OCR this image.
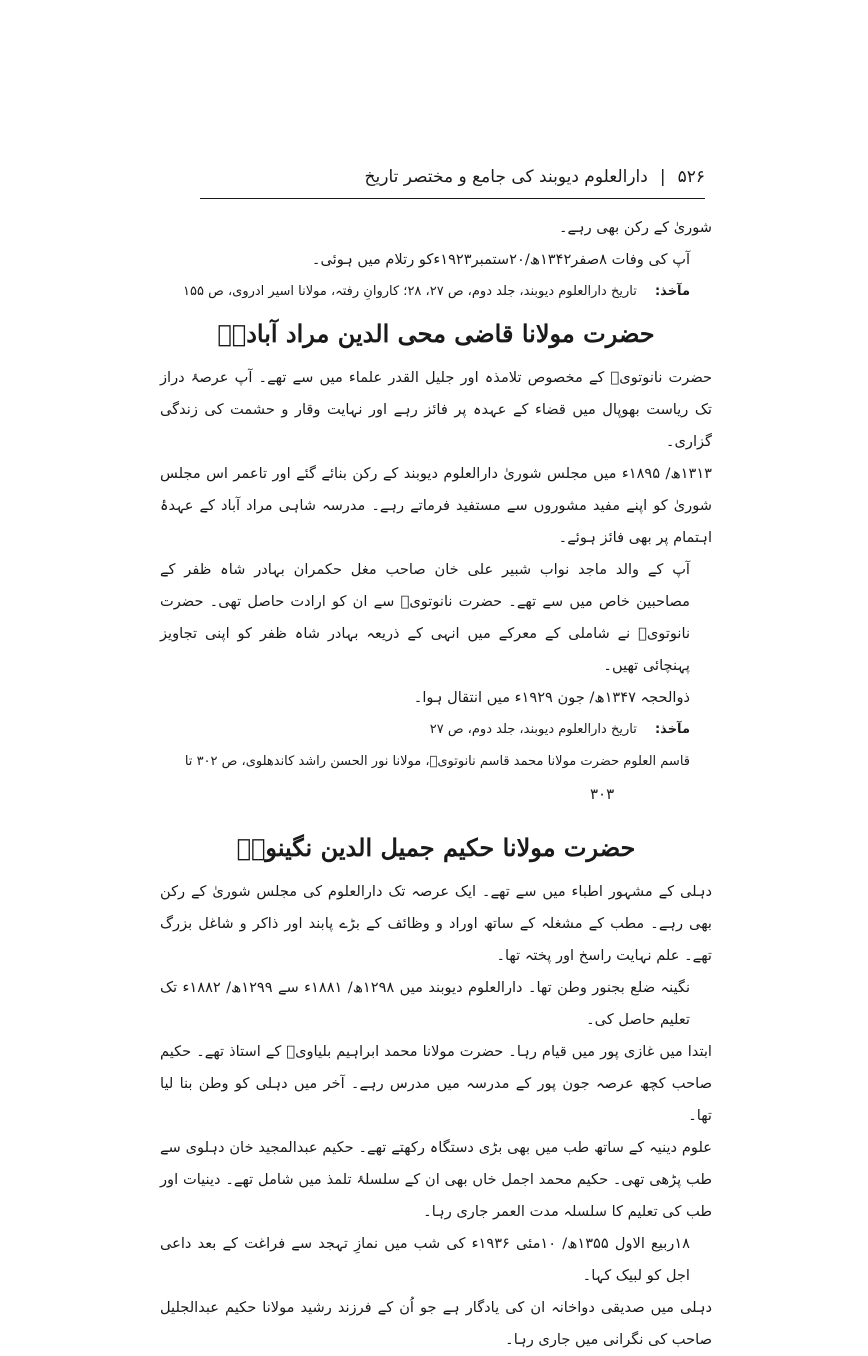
۵۲۶
|
دارالعلوم دیوبند کی جامع و مختصر تاریخ

شوریٰ کے رکن بھی رہے۔

آپ کی وفات ۸صفر۱۳۴۲ھ/۲۰ستمبر۱۹۲۳ءکو رتلام میں ہوئی۔

مآخذ: تاریخ دارالعلوم دیوبند، جلد دوم، ص ۲۷، ۲۸؛ کاروانِ رفتہ، مولانا اسیر ادروی، ص ۱۵۵

حضرت مولانا قاضی محی الدین مراد آبادیؒ

حضرت نانوتویؒ کے مخصوص تلامذہ اور جلیل القدر علماء میں سے تھے۔ آپ عرصۂ دراز تک ریاست بھوپال میں قضاء کے عہدہ پر فائز رہے اور نہایت وقار و حشمت کی زندگی گزاری۔

۱۳۱۳ھ/ ۱۸۹۵ء میں مجلس شوریٰ دارالعلوم دیوبند کے رکن بنائے گئے اور تاعمر اس مجلس شوریٰ کو اپنے مفید مشوروں سے مستفید فرماتے رہے۔ مدرسہ شاہی مراد آباد کے عہدۂ اہتمام پر بھی فائز ہوئے۔

آپ کے والد ماجد نواب شبیر علی خان صاحب مغل حکمران بہادر شاہ ظفر کے مصاحبین خاص میں سے تھے۔ حضرت نانوتویؒ سے ان کو ارادت حاصل تھی۔ حضرت نانوتویؒ نے شاملی کے معرکے میں انہی کے ذریعہ بہادر شاہ ظفر کو اپنی تجاویز پہنچائی تھیں۔

ذوالحجہ ۱۳۴۷ھ/ جون ۱۹۲۹ء میں انتقال ہوا۔

مآخذ: تاریخ دارالعلوم دیوبند، جلد دوم، ص ۲۷

قاسم العلوم حضرت مولانا محمد قاسم نانوتویؒ، مولانا نور الحسن راشد کاندھلوی، ص ۳۰۲ تا

۳۰۳

حضرت مولانا حکیم جمیل الدین نگینویؒ

دہلی کے مشہور اطباء میں سے تھے۔ ایک عرصہ تک دارالعلوم کی مجلس شوریٰ کے رکن بھی رہے۔ مطب کے مشغلہ کے ساتھ اوراد و وظائف کے بڑے پابند اور ذاکر و شاغل بزرگ تھے۔ علم نہایت راسخ اور پختہ تھا۔

نگینہ ضلع بجنور وطن تھا۔ دارالعلوم دیوبند میں ۱۲۹۸ھ/ ۱۸۸۱ء سے ۱۲۹۹ھ/ ۱۸۸۲ء تک تعلیم حاصل کی۔

ابتدا میں غازی پور میں قیام رہا۔ حضرت مولانا محمد ابراہیم بلیاویؒ کے استاذ تھے۔ حکیم صاحب کچھ عرصہ جون پور کے مدرسہ میں مدرس رہے۔ آخر میں دہلی کو وطن بنا لیا تھا۔

علوم دینیہ کے ساتھ طب میں بھی بڑی دستگاہ رکھتے تھے۔ حکیم عبدالمجید خان دہلوی سے طب پڑھی تھی۔ حکیم محمد اجمل خاں بھی ان کے سلسلۂ تلمذ میں شامل تھے۔ دینیات اور طب کی تعلیم کا سلسلہ مدت العمر جاری رہا۔

۱۸ربیع الاول ۱۳۵۵ھ/ ۱۰مئی ۱۹۳۶ء کی شب میں نمازِ تہجد سے فراغت کے بعد داعی اجل کو لبیک کہا۔

دہلی میں صدیقی دواخانہ ان کی یادگار ہے جو اُن کے فرزند رشید مولانا حکیم عبدالجلیل صاحب کی نگرانی میں جاری رہا۔
